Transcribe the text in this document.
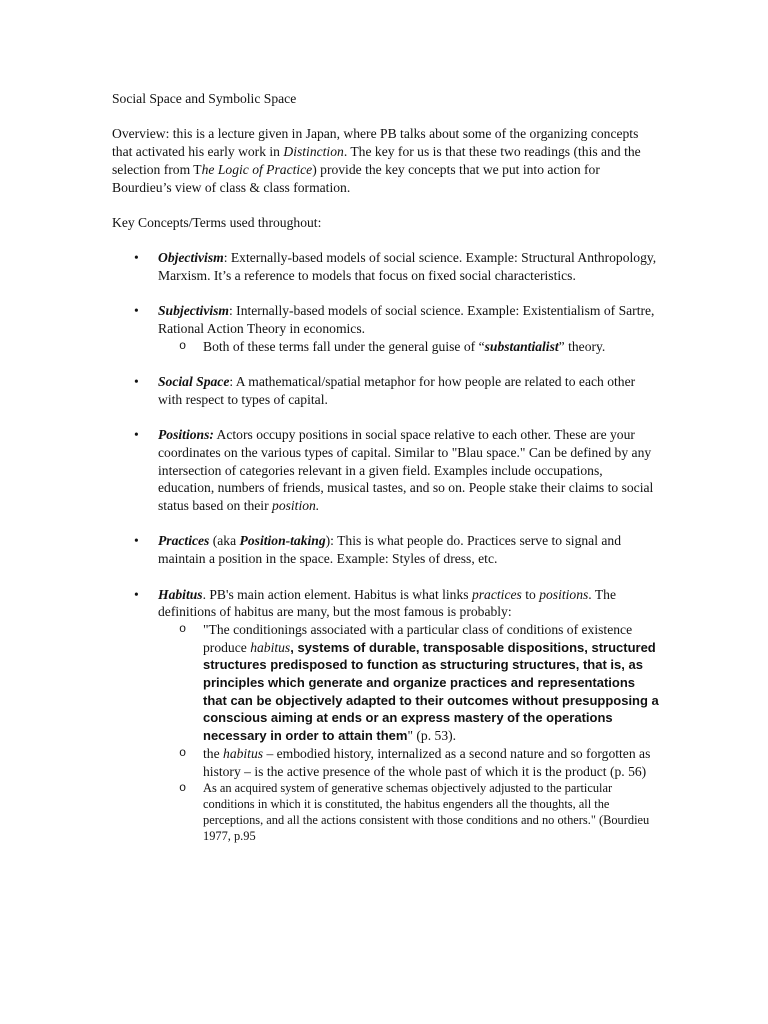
Social Space and Symbolic Space

Overview: this is a lecture given in Japan, where PB talks about some of the organizing concepts that activated his early work in Distinction. The key for us is that these two readings (this and the selection from The Logic of Practice) provide the key concepts that we put into action for Bourdieu’s view of class & class formation.

Key Concepts/Terms used throughout:

• Objectivism: Externally-based models of social science. Example: Structural Anthropology, Marxism. It’s a reference to models that focus on fixed social characteristics.
• Subjectivism: Internally-based models of social science. Example: Existentialism of Sartre, Rational Action Theory in economics.
o Both of these terms fall under the general guise of “substantialist” theory.
• Social Space: A mathematical/spatial metaphor for how people are related to each other with respect to types of capital.
• Positions: Actors occupy positions in social space relative to each other. These are your coordinates on the various types of capital. Similar to "Blau space." Can be defined by any intersection of categories relevant in a given field. Examples include occupations, education, numbers of friends, musical tastes, and so on. People stake their claims to social status based on their position.
• Practices (aka Position-taking): This is what people do. Practices serve to signal and maintain a position in the space. Example: Styles of dress, etc.
• Habitus. PB's main action element. Habitus is what links practices to positions. The definitions of habitus are many, but the most famous is probably:
o "The conditionings associated with a particular class of conditions of existence produce habitus, systems of durable, transposable dispositions, structured structures predisposed to function as structuring structures, that is, as principles which generate and organize practices and representations that can be objectively adapted to their outcomes without presupposing a conscious aiming at ends or an express mastery of the operations necessary in order to attain them" (p. 53).
o the habitus – embodied history, internalized as a second nature and so forgotten as history – is the active presence of the whole past of which it is the product (p. 56)
o As an acquired system of generative schemas objectively adjusted to the particular conditions in which it is constituted, the habitus engenders all the thoughts, all the perceptions, and all the actions consistent with those conditions and no others." (Bourdieu 1977, p.95
